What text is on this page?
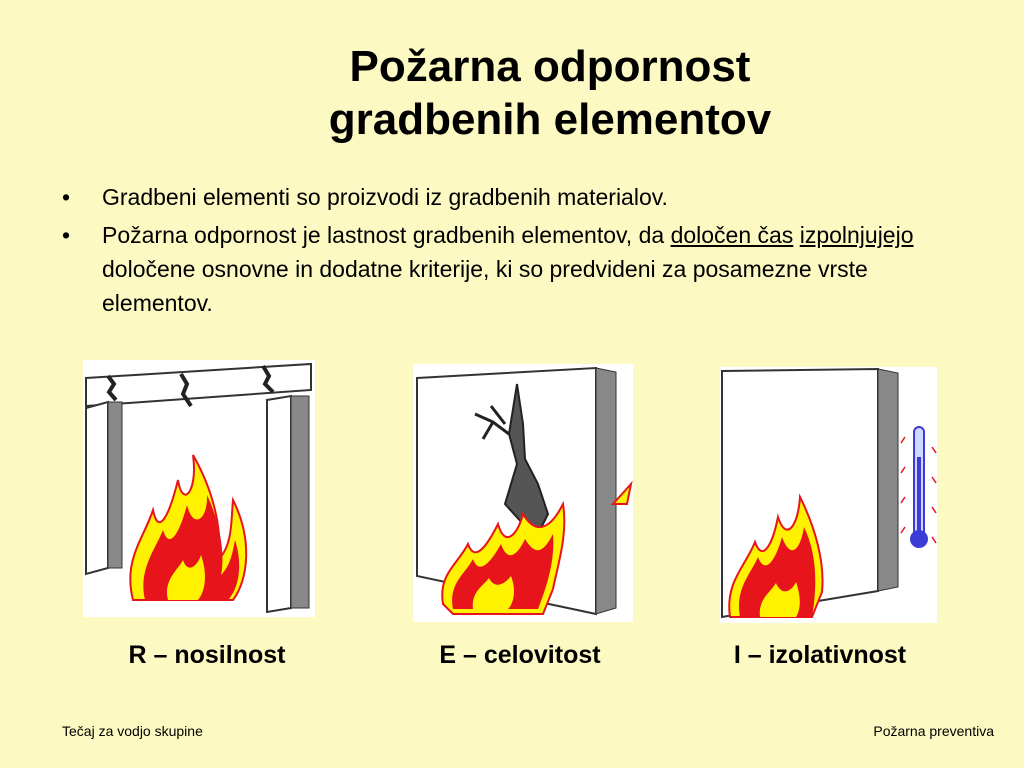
Požarna odpornost
gradbenih elementov
• Gradbeni elementi so proizvodi iz gradbenih materialov.
• Požarna odpornost je lastnost gradbenih elementov, da določen čas izpolnjujejo določene osnovne in dodatne kriterije, ki so predvideni za posamezne vrste elementov.
R – nosilnost	E – celovitost	I – izolativnost
Tečaj za vodjo skupine	Požarna preventiva
